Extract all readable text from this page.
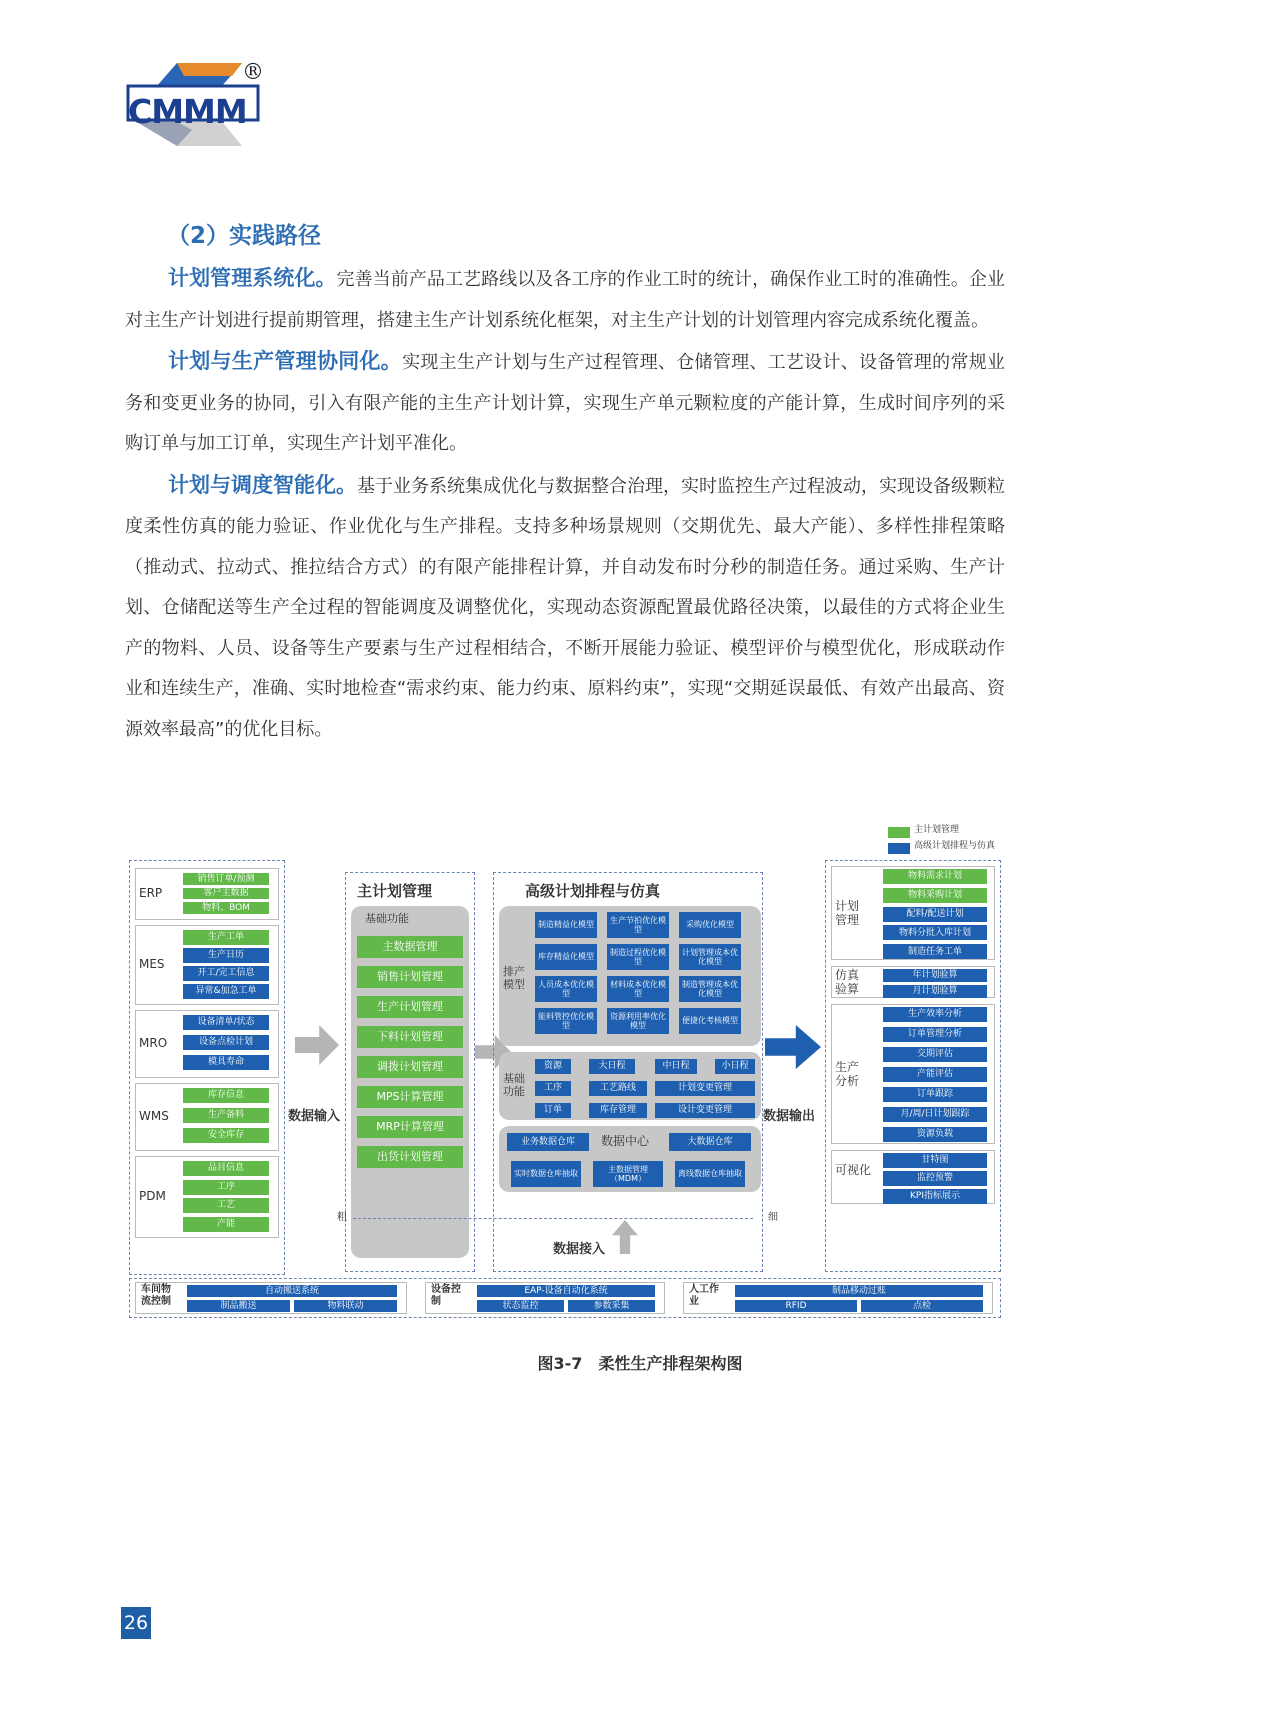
CMMM
®
（2）实践路径

计划管理系统化。完善当前产品工艺路线以及各工序的作业工时的统计，确保作业工时的准确性。企业对主生产计划进行提前期管理，搭建主生产计划系统化框架，对主生产计划的计划管理内容完成系统化覆盖。

计划与生产管理协同化。实现主生产计划与生产过程管理、仓储管理、工艺设计、设备管理的常规业务和变更业务的协同，引入有限产能的主生产计划计算，实现生产单元颗粒度的产能计算，生成时间序列的采购订单与加工订单，实现生产计划平准化。

计划与调度智能化。基于业务系统集成优化与数据整合治理，实时监控生产过程波动，实现设备级颗粒度柔性仿真的能力验证、作业优化与生产排程。支持多种场景规则（交期优先、最大产能）、多样性排程策略（推动式、拉动式、推拉结合方式）的有限产能排程计算，并自动发布时分秒的制造任务。通过采购、生产计划、仓储配送等生产全过程的智能调度及调整优化，实现动态资源配置最优路径决策，以最佳的方式将企业生产的物料、人员、设备等生产要素与生产过程相结合，不断开展能力验证、模型评价与模型优化，形成联动作业和连续生产，准确、实时地检查“需求约束、能力约束、原料约束”，实现“交期延误最低、有效产出最高、资源效率最高”的优化目标。

主计划管理
高级计划排程与仿真
ERP
销售订单/预测
客户主数据
物料、BOM
MES
生产工单
生产日历
开工/完工信息
异常&加急工单
MRO
设备清单/状态
设备点检计划
模具寿命
WMS
库存信息
生产备料
安全库存
PDM
品目信息
工序
工艺
产能
数据输入
主计划管理
基础功能
主数据管理
销售计划管理
生产计划管理
下料计划管理
调拨计划管理
MPS计算管理
MRP计算管理
出货计划管理
高级计划排程与仿真
排产模型
制造精益化模型
生产节拍优化模型
采购优化模型
库存精益化模型
制造过程优化模型
计划管理成本优化模型
人员成本优化模型
材料成本优化模型
制造管理成本优化模型
能料管控优化模型
资源利用率优化模型
便捷化考核模型
基础功能
资源	大日程	中日程	小日程
工序	工艺路线	计划变更管理
订单	库存管理	设计变更管理
业务数据仓库	数据中心	大数据仓库
实时数据仓库抽取
主数据管理（MDM）
离线数据仓库抽取
粗	细
数据接入
数据输出
计划
管理
物料需求计划
物料采购计划
配料/配送计划
物料分批入库计划
制造任务工单
仿真
验算
年计划验算
月计划验算
生产
分析
生产效率分析
订单管理分析
交期评估
产能评估
订单跟踪
月/周/日计划跟踪
资源负载
可视化
甘特图
监控预警
KPI指标展示
车间物
流控制
自动搬送系统
制品搬送	物料联动
设备控
制
EAP-设备自动化系统
状态监控	参数采集
人工作
业
制品移动过账
RFID	点检
图3-7　柔性生产排程架构图
26
